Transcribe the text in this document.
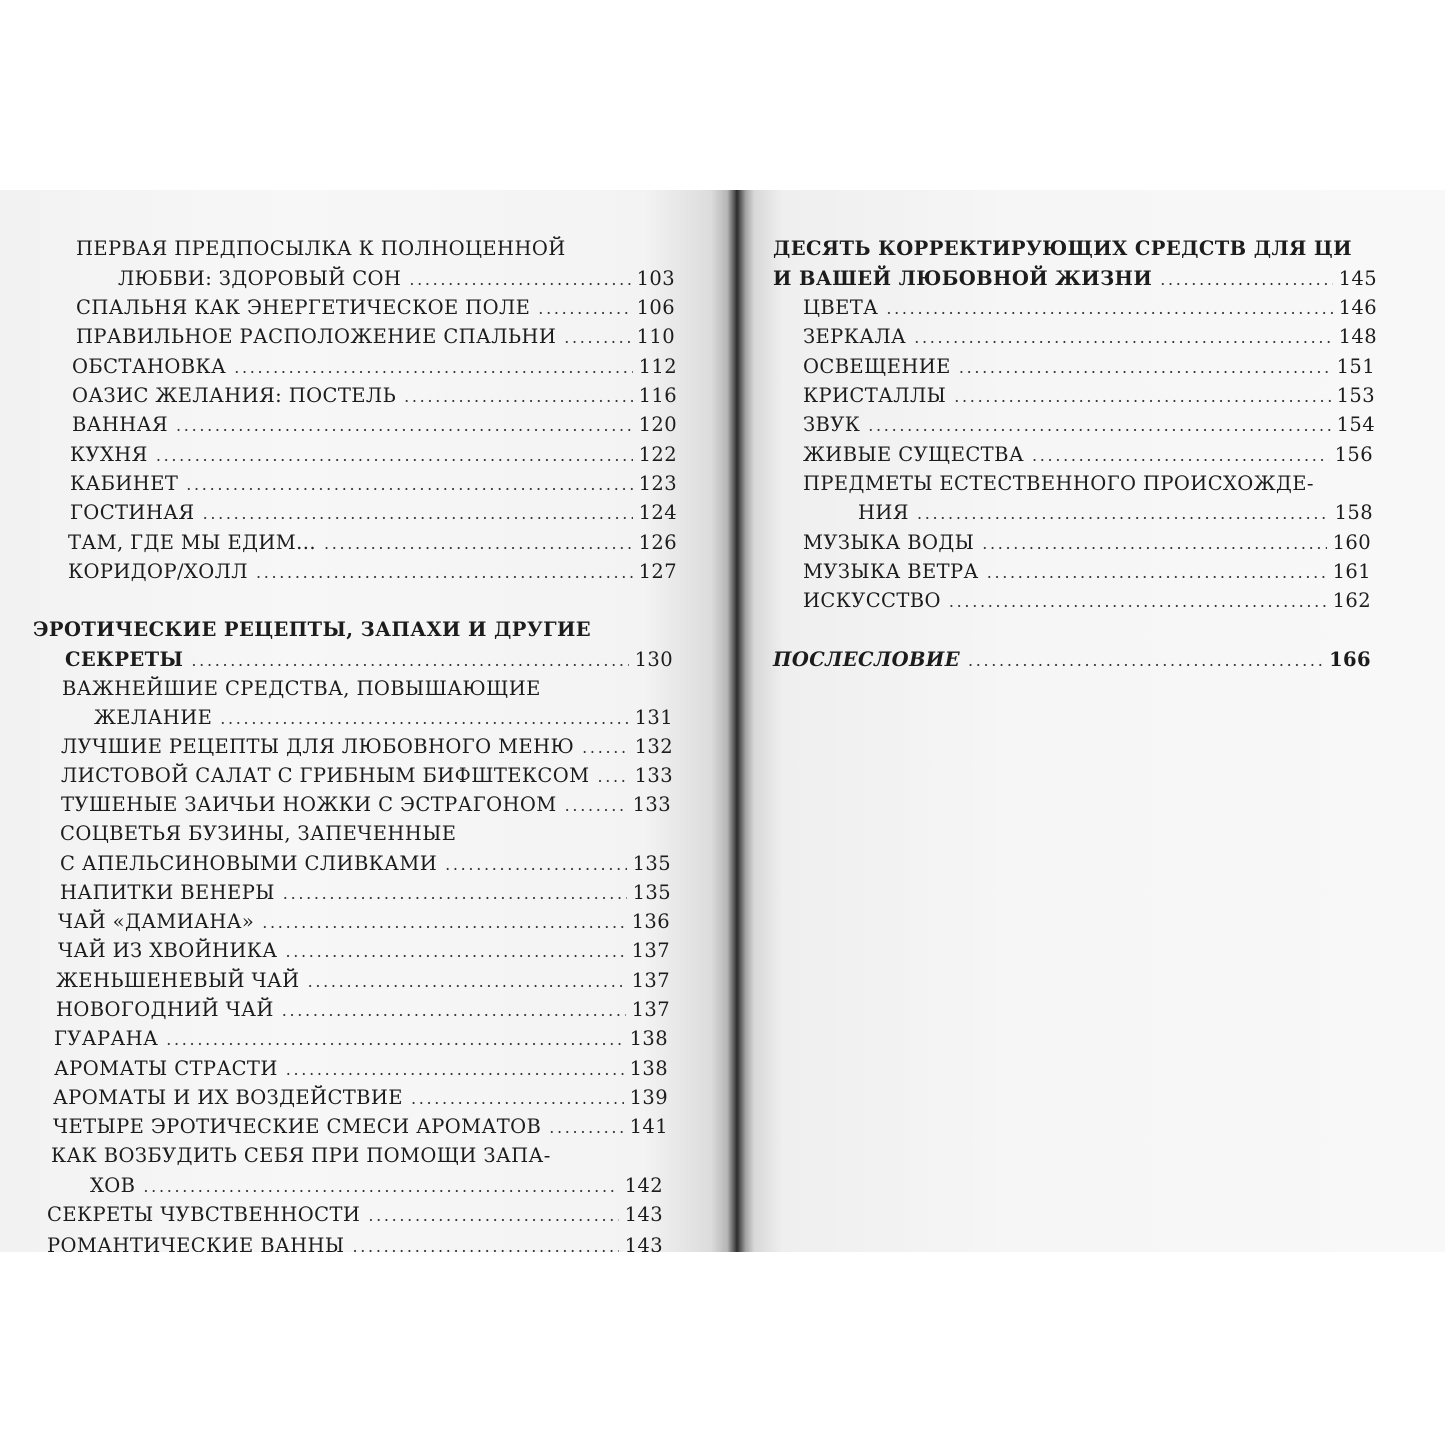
ПЕРВАЯ ПРЕДПОСЫЛКА К ПОЛНОЦЕННОЙ
ЛЮБВИ: ЗДОРОВЫЙ СОН . . .	103
СПАЛЬНЯ КАК ЭНЕРГЕТИЧЕСКОЕ ПОЛЕ . . .	106
ПРАВИЛЬНОЕ РАСПОЛОЖЕНИЕ СПАЛЬНИ . . .	110
ОБСТАНОВКА . . .	112
ОАЗИС ЖЕЛАНИЯ: ПОСТЕЛЬ . . .	116
ВАННАЯ . . .	120
КУХНЯ . . .	122
КАБИНЕТ . . .	123
ГОСТИНАЯ . . .	124
ТАМ, ГДЕ МЫ ЕДИМ... . . .	126
КОРИДОР/ХОЛЛ . . .	127
ЭРОТИЧЕСКИЕ РЕЦЕПТЫ, ЗАПАХИ И ДРУГИЕ
СЕКРЕТЫ . . .	130
ВАЖНЕЙШИЕ СРЕДСТВА, ПОВЫШАЮЩИЕ
ЖЕЛАНИЕ . . .	131
ЛУЧШИЕ РЕЦЕПТЫ ДЛЯ ЛЮБОВНОГО МЕНЮ . . .	132
ЛИСТОВОЙ САЛАТ С ГРИБНЫМ БИФШТЕКСОМ . . . 133
ТУШЕНЫЕ ЗАИЧЬИ НОЖКИ С ЭСТРАГОНОМ . . .	133
СОЦВЕТЬЯ БУЗИНЫ, ЗАПЕЧЕННЫЕ
С АПЕЛЬСИНОВЫМИ СЛИВКАМИ . . .	135
НАПИТКИ ВЕНЕРЫ . . .	135
ЧАЙ «ДАМИАНА» . . .	136
ЧАЙ ИЗ ХВОЙНИКА . . .	137
ЖЕНЬШЕНЕВЫЙ ЧАЙ . . .	137
НОВОГОДНИЙ ЧАЙ . . .	137
ГУАРАНА . . .	138
АРОМАТЫ СТРАСТИ . . .	138
АРОМАТЫ И ИХ ВОЗДЕЙСТВИЕ . . .	139
ЧЕТЫРЕ ЭРОТИЧЕСКИЕ СМЕСИ АРОМАТОВ . . .	141
КАК ВОЗБУДИТЬ СЕБЯ ПРИ ПОМОЩИ ЗАПА-
ХОВ . . .	142
СЕКРЕТЫ ЧУВСТВЕННОСТИ . . .	143
РОМАНТИЧЕСКИЕ ВАННЫ . . .	143
ДЕСЯТЬ КОРРЕКТИРУЮЩИХ СРЕДСТВ ДЛЯ ЦИ
И ВАШЕЙ ЛЮБОВНОЙ ЖИЗНИ . . .	145
ЦВЕТА . . .	146
ЗЕРКАЛА . . .	148
ОСВЕЩЕНИЕ . . .	151
КРИСТАЛЛЫ . . .	153
ЗВУК . . .	154
ЖИВЫЕ СУЩЕСТВА . . .	156
ПРЕДМЕТЫ ЕСТЕСТВЕННОГО ПРОИСХОЖДЕ-
НИЯ . . .	158
МУЗЫКА ВОДЫ . . .	160
МУЗЫКА ВЕТРА . . .	161
ИСКУССТВО . . .	162
ПОСЛЕСЛОВИЕ . . .	166
